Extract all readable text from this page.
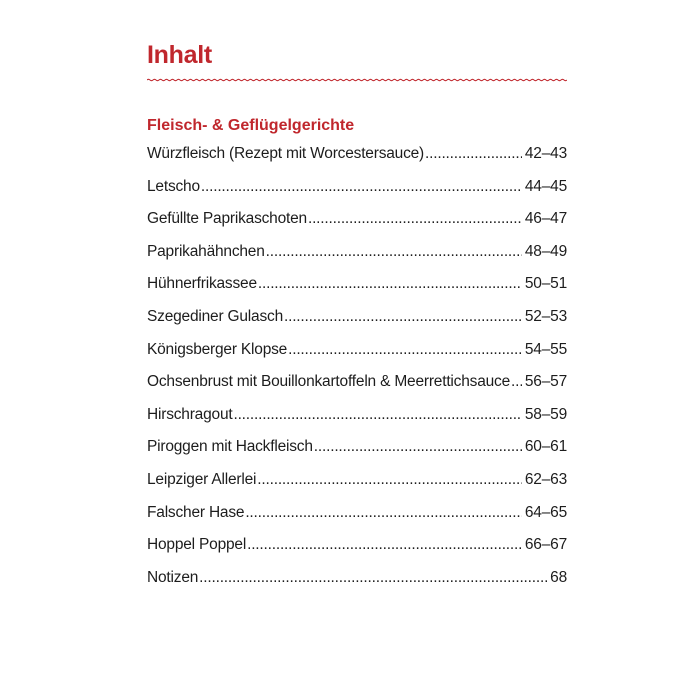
Inhalt
Fleisch- & Geflügelgerichte
Würzfleisch (Rezept mit Worcestersauce) .....	42–43
Letscho .....	44–45
Gefüllte Paprikaschoten .....	46–47
Paprikahähnchen .....	48–49
Hühnerfrikassee .....	50–51
Szegediner Gulasch .....	52–53
Königsberger Klopse .....	54–55
Ochsenbrust mit Bouillonkartoffeln & Meerrettichsauce ..... 56–57
Hirschragout .....	58–59
Piroggen mit Hackfleisch .....	60–61
Leipziger Allerlei .....	62–63
Falscher Hase .....	64–65
Hoppel Poppel .....	66–67
Notizen .....	68
